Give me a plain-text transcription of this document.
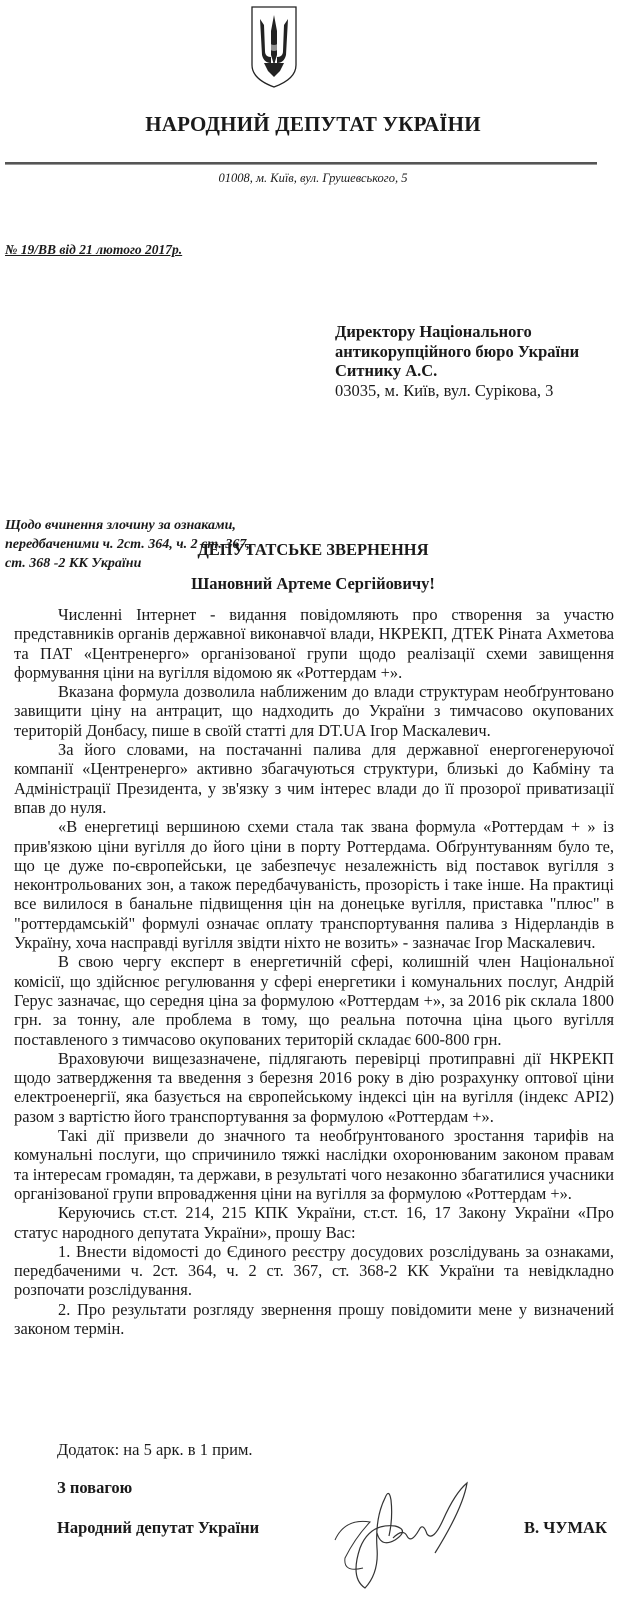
НАРОДНИЙ ДЕПУТАТ УКРАЇНИ
01008, м. Київ, вул. Грушевського, 5
№ 19/ВВ від 21 лютого 2017р.
Директору Національного
антикорупційного бюро України
Ситнику А.С.
03035, м. Київ, вул. Сурікова, 3
Щодо вчинення злочину за ознаками,
передбаченими ч. 2ст. 364, ч. 2 ст. 367,
ст. 368 -2 КК України
ДЕПУТАТСЬКЕ ЗВЕРНЕННЯ
Шановний Артеме Сергійовичу!

Численні Інтернет - видання повідомляють про створення за участю представників органів державної виконавчої влади, НКРЕКП, ДТЕК Ріната Ахметова та ПАТ «Центренерго» організованої групи щодо реалізації схеми завищення формування ціни на вугілля відомою як «Роттердам +».

Вказана формула дозволила наближеним до влади структурам необґрунтовано завищити ціну на антрацит, що надходить до України з тимчасово окупованих територій Донбасу, пише в своїй статті для DT.UA Ігор Маскалевич.

За його словами, на постачанні палива для державної енергогенеруючої компанії «Центренерго» активно збагачуються структури, близькі до Кабміну та Адміністрації Президента, у зв'язку з чим інтерес влади до її прозорої приватизації впав до нуля.

«В енергетиці вершиною схеми стала так звана формула «Роттердам + » із прив'язкою ціни вугілля до його ціни в порту Роттердама. Обґрунтуванням було те, що це дуже по-європейськи, це забезпечує незалежність від поставок вугілля з неконтрольованих зон, а також передбачуваність, прозорість і таке інше. На практиці все вилилося в банальне підвищення цін на донецьке вугілля, приставка "плюс" в "роттердамській" формулі означає оплату транспортування палива з Нідерландів в Україну, хоча насправді вугілля звідти ніхто не возить» - зазначає Ігор Маскалевич.

В свою чергу експерт в енергетичній сфері, колишній член Національної комісії, що здійснює регулювання у сфері енергетики і комунальних послуг, Андрій Герус зазначає, що середня ціна за формулою «Роттердам +», за 2016 рік склала 1800 грн. за тонну, але проблема в тому, що реальна поточна ціна цього вугілля поставленого з тимчасово окупованих територій складає 600-800 грн.

Враховуючи вищезазначене, підлягають перевірці протиправні дії НКРЕКП щодо затвердження та введення з березня 2016 року в дію розрахунку оптової ціни електроенергії, яка базується на європейському індексі цін на вугілля (індекс API2) разом з вартістю його транспортування за формулою «Роттердам +».

Такі дії призвели до значного та необґрунтованого зростання тарифів на комунальні послуги, що спричинило тяжкі наслідки охоронюваним законом правам та інтересам громадян, та держави, в результаті чого незаконно збагатилися учасники організованої групи впровадження ціни на вугілля за формулою «Роттердам +».

Керуючись ст.ст. 214, 215 КПК України, ст.ст. 16, 17 Закону України «Про статус народного депутата України», прошу Вас:

1. Внести відомості до Єдиного реєстру досудових розслідувань за ознаками, передбаченими ч. 2ст. 364, ч. 2 ст. 367, ст. 368-2 КК України та невідкладно розпочати розслідування.

2. Про результати розгляду звернення прошу повідомити мене у визначений законом термін.

Додаток: на 5 арк. в 1 прим.
З повагою
Народний депутат України	В. ЧУМАК
